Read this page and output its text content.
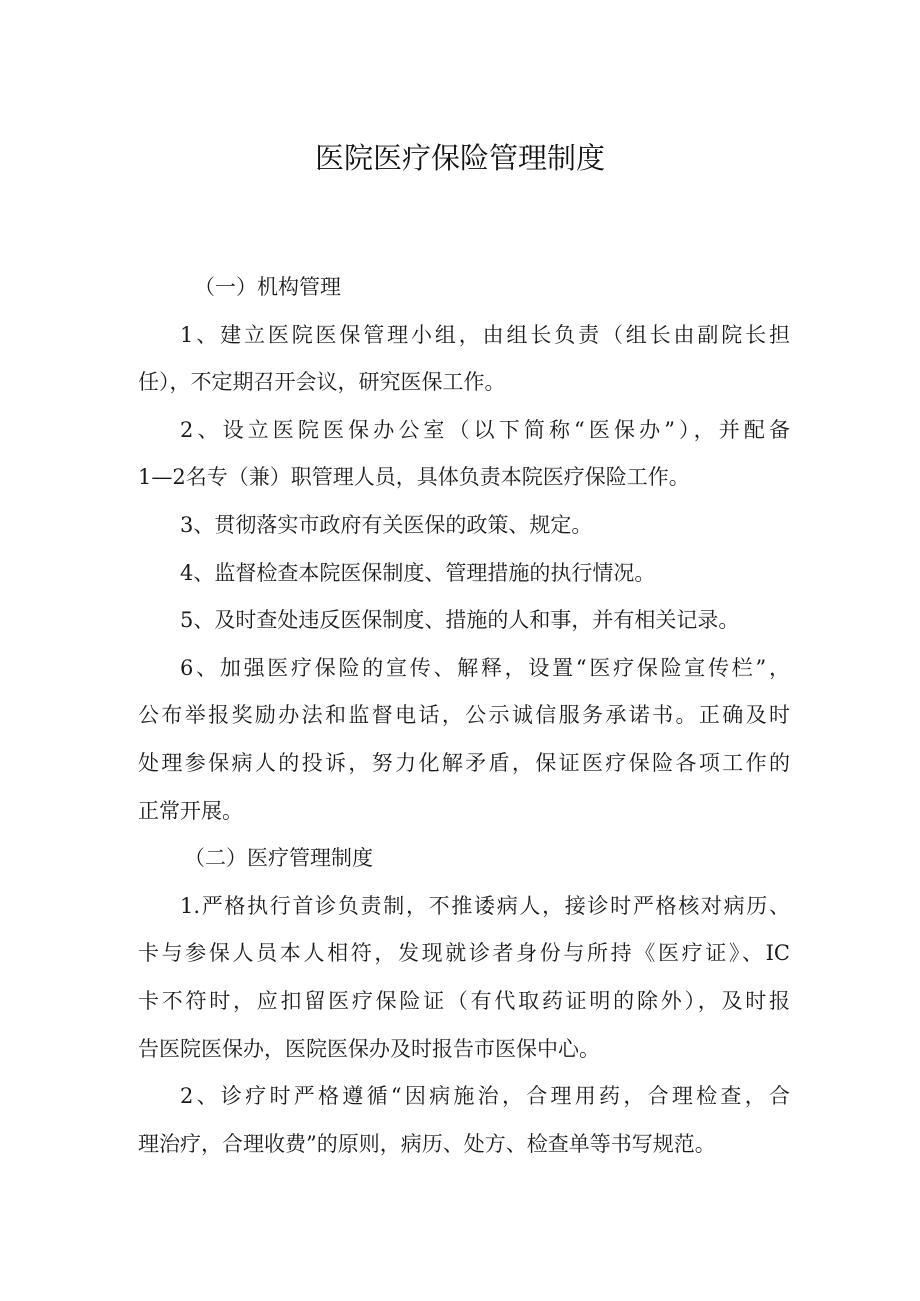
医院医疗保险管理制度
（一）机构管理
1、建立医院医保管理小组，由组长负责（组长由副院长担
任），不定期召开会议，研究医保工作。
2、设立医院医保办公室（以下简称“医保办”），并配备
1—2名专（兼）职管理人员，具体负责本院医疗保险工作。
3、贯彻落实市政府有关医保的政策、规定。
4、监督检查本院医保制度、管理措施的执行情况。
5、及时查处违反医保制度、措施的人和事，并有相关记录。
6、加强医疗保险的宣传、解释，设置“医疗保险宣传栏”，
公布举报奖励办法和监督电话，公示诚信服务承诺书。正确及时
处理参保病人的投诉，努力化解矛盾，保证医疗保险各项工作的
正常开展。
（二）医疗管理制度
1.严格执行首诊负责制，不推诿病人，接诊时严格核对病历、
卡与参保人员本人相符，发现就诊者身份与所持《医疗证》、IC
卡不符时，应扣留医疗保险证（有代取药证明的除外），及时报
告医院医保办，医院医保办及时报告市医保中心。
2、诊疗时严格遵循“因病施治，合理用药，合理检查，合
理治疗，合理收费”的原则，病历、处方、检查单等书写规范。
